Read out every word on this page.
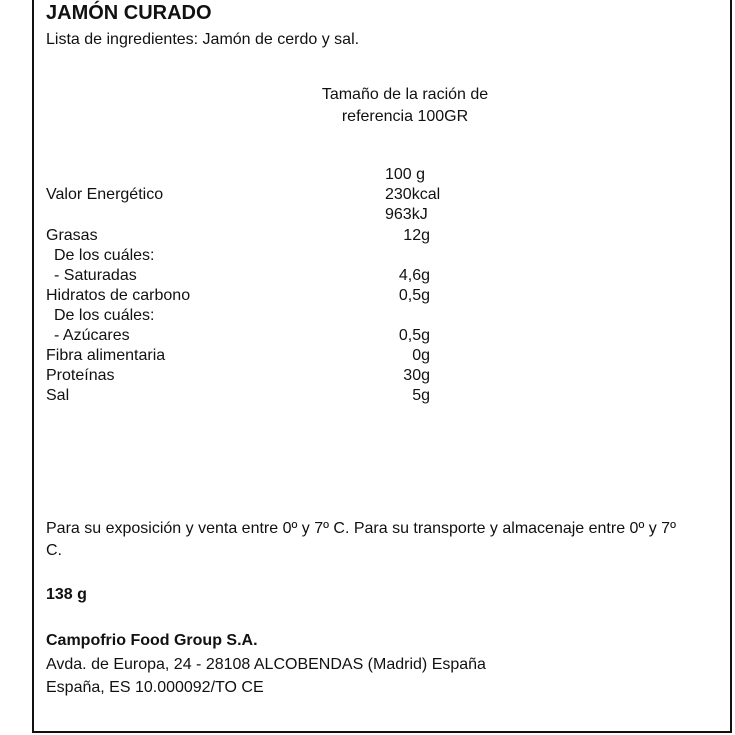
JAMÓN CURADO
Lista de ingredientes: Jamón de cerdo y sal.
Tamaño de la ración de
referencia 100GR
100 g
Valor Energético	230kcal
963kJ
Grasas	12g
De los cuáles:
- Saturadas	4,6g
Hidratos de carbono	0,5g
De los cuáles:
- Azúcares	0,5g
Fibra alimentaria	0g
Proteínas	30g
Sal	5g
Para su exposición y venta entre 0º y 7º C. Para su transporte y almacenaje entre 0º y 7º C.
138 g
Campofrio Food Group S.A.
Avda. de Europa, 24 - 28108 ALCOBENDAS (Madrid) España
España, ES 10.000092/TO CE
